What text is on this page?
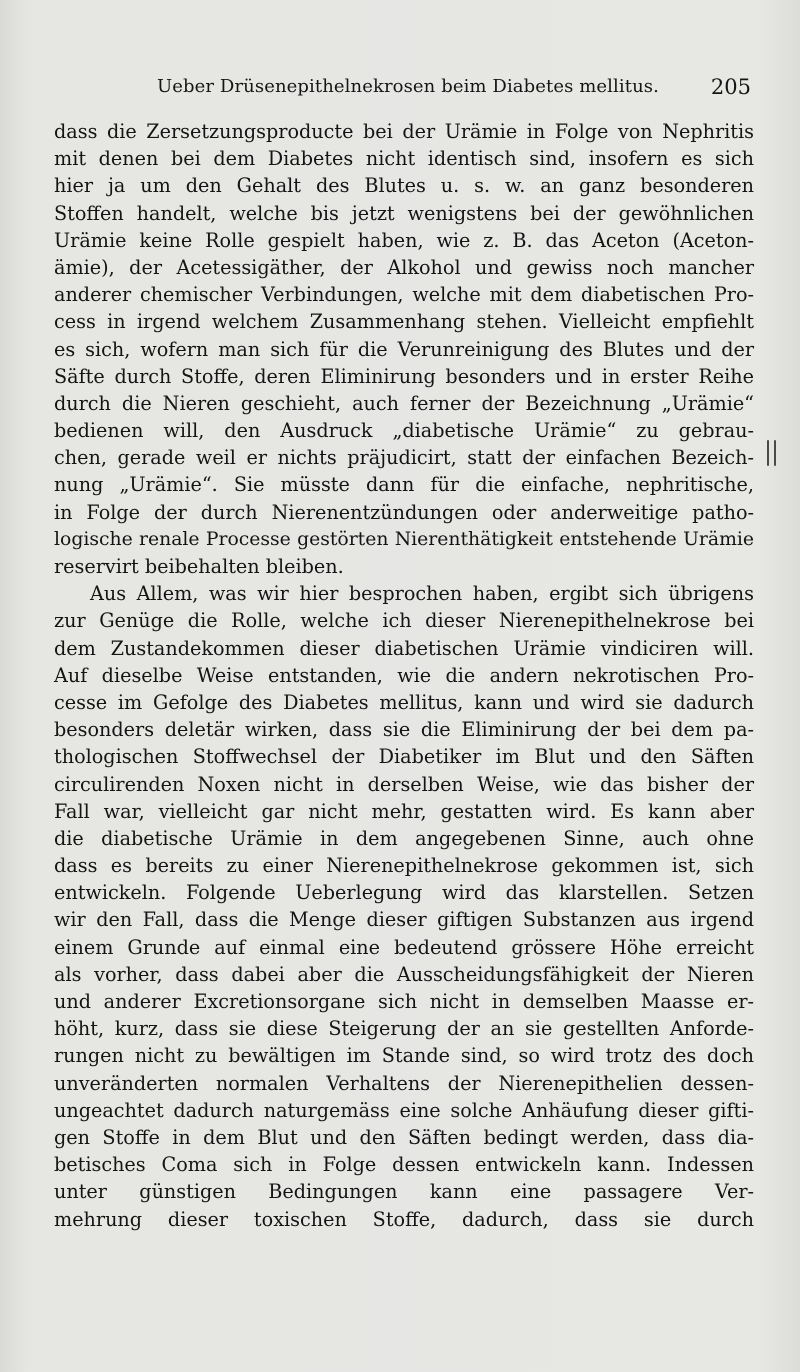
Ueber Drüsenepithelnekrosen beim Diabetes mellitus. 205
dass die Zersetzungsproducte bei der Urämie in Folge von Nephritis
mit denen bei dem Diabetes nicht identisch sind, insofern es sich
hier ja um den Gehalt des Blutes u. s. w. an ganz besonderen
Stoffen handelt, welche bis jetzt wenigstens bei der gewöhnlichen
Urämie keine Rolle gespielt haben, wie z. B. das Aceton (Aceton-
ämie), der Acetessigäther, der Alkohol und gewiss noch mancher
anderer chemischer Verbindungen, welche mit dem diabetischen Pro-
cess in irgend welchem Zusammenhang stehen. Vielleicht empfiehlt
es sich, wofern man sich für die Verunreinigung des Blutes und der
Säfte durch Stoffe, deren Eliminirung besonders und in erster Reihe
durch die Nieren geschieht, auch ferner der Bezeichnung „Urämie“
bedienen will, den Ausdruck „diabetische Urämie“ zu gebrau-
chen, gerade weil er nichts präjudicirt, statt der einfachen Bezeich-
nung „Urämie“. Sie müsste dann für die einfache, nephritische,
in Folge der durch Nierenentzündungen oder anderweitige patho-
logische renale Processe gestörten Nierenthätigkeit entstehende Urämie
reservirt beibehalten bleiben.
Aus Allem, was wir hier besprochen haben, ergibt sich übrigens
zur Genüge die Rolle, welche ich dieser Nierenepithelnekrose bei
dem Zustandekommen dieser diabetischen Urämie vindiciren will.
Auf dieselbe Weise entstanden, wie die andern nekrotischen Pro-
cesse im Gefolge des Diabetes mellitus, kann und wird sie dadurch
besonders deletär wirken, dass sie die Eliminirung der bei dem pa-
thologischen Stoffwechsel der Diabetiker im Blut und den Säften
circulirenden Noxen nicht in derselben Weise, wie das bisher der
Fall war, vielleicht gar nicht mehr, gestatten wird. Es kann aber
die diabetische Urämie in dem angegebenen Sinne, auch ohne
dass es bereits zu einer Nierenepithelnekrose gekommen ist, sich
entwickeln. Folgende Ueberlegung wird das klarstellen. Setzen
wir den Fall, dass die Menge dieser giftigen Substanzen aus irgend
einem Grunde auf einmal eine bedeutend grössere Höhe erreicht
als vorher, dass dabei aber die Ausscheidungsfähigkeit der Nieren
und anderer Excretionsorgane sich nicht in demselben Maasse er-
höht, kurz, dass sie diese Steigerung der an sie gestellten Anforde-
rungen nicht zu bewältigen im Stande sind, so wird trotz des doch
unveränderten normalen Verhaltens der Nierenepithelien dessen-
ungeachtet dadurch naturgemäss eine solche Anhäufung dieser gifti-
gen Stoffe in dem Blut und den Säften bedingt werden, dass dia-
betisches Coma sich in Folge dessen entwickeln kann. Indessen
unter günstigen Bedingungen kann eine passagere Ver-
mehrung dieser toxischen Stoffe, dadurch, dass sie durch
